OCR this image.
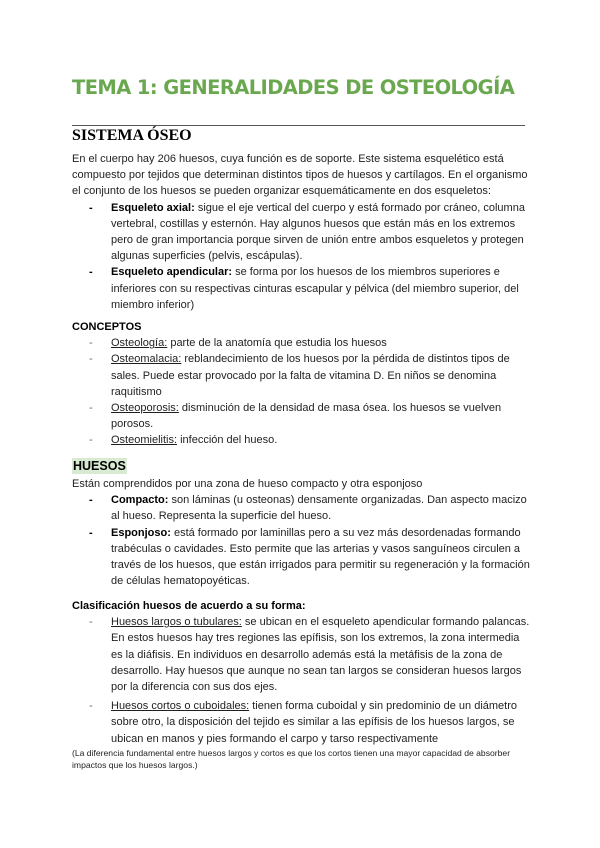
TEMA 1: GENERALIDADES DE OSTEOLOGÍA
SISTEMA ÓSEO

En el cuerpo hay 206 huesos, cuya función es de soporte. Este sistema esquelético está compuesto por tejidos que determinan distintos tipos de huesos y cartílagos. En el organismo el conjunto de los huesos se pueden organizar esquemáticamente en dos esqueletos:

- Esqueleto axial: sigue el eje vertical del cuerpo y está formado por cráneo, columna vertebral, costillas y esternón. Hay algunos huesos que están más en los extremos pero de gran importancia porque sirven de unión entre ambos esqueletos y protegen algunas superficies (pelvis, escápulas).
- Esqueleto apendicular: se forma por los huesos de los miembros superiores e inferiores con su respectivas cinturas escapular y pélvica (del miembro superior, del miembro inferior)

CONCEPTOS

- Osteología: parte de la anatomía que estudia los huesos
- Osteomalacia: reblandecimiento de los huesos por la pérdida de distintos tipos de sales. Puede estar provocado por la falta de vitamina D. En niños se denomina raquitismo
- Osteoporosis: disminución de la densidad de masa ósea. los huesos se vuelven porosos.
- Osteomielitis: infección del hueso.
HUESOS

Están comprendidos por una zona de hueso compacto y otra esponjoso

- Compacto: son láminas (u osteonas) densamente organizadas. Dan aspecto macizo al hueso. Representa la superficie del hueso.
- Esponjoso: está formado por laminillas pero a su vez más desordenadas formando trabéculas o cavidades. Esto permite que las arterias y vasos sanguíneos circulen a través de los huesos, que están irrigados para permitir su regeneración y la formación de células hematopoyéticas.

Clasificación huesos de acuerdo a su forma:

- Huesos largos o tubulares: se ubican en el esqueleto apendicular formando palancas. En estos huesos hay tres regiones las epífisis, son los extremos, la zona intermedia es la diáfisis. En individuos en desarrollo además está la metáfisis de la zona de desarrollo. Hay huesos que aunque no sean tan largos se consideran huesos largos por la diferencia con sus dos ejes.
- Huesos cortos o cuboidales: tienen forma cuboidal y sin predominio de un diámetro sobre otro, la disposición del tejido es similar a las epífisis de los huesos largos, se ubican en manos y pies formando el carpo y tarso respectivamente

(La diferencia fundamental entre huesos largos y cortos es que los cortos tienen una mayor capacidad de absorber impactos que los huesos largos.)
